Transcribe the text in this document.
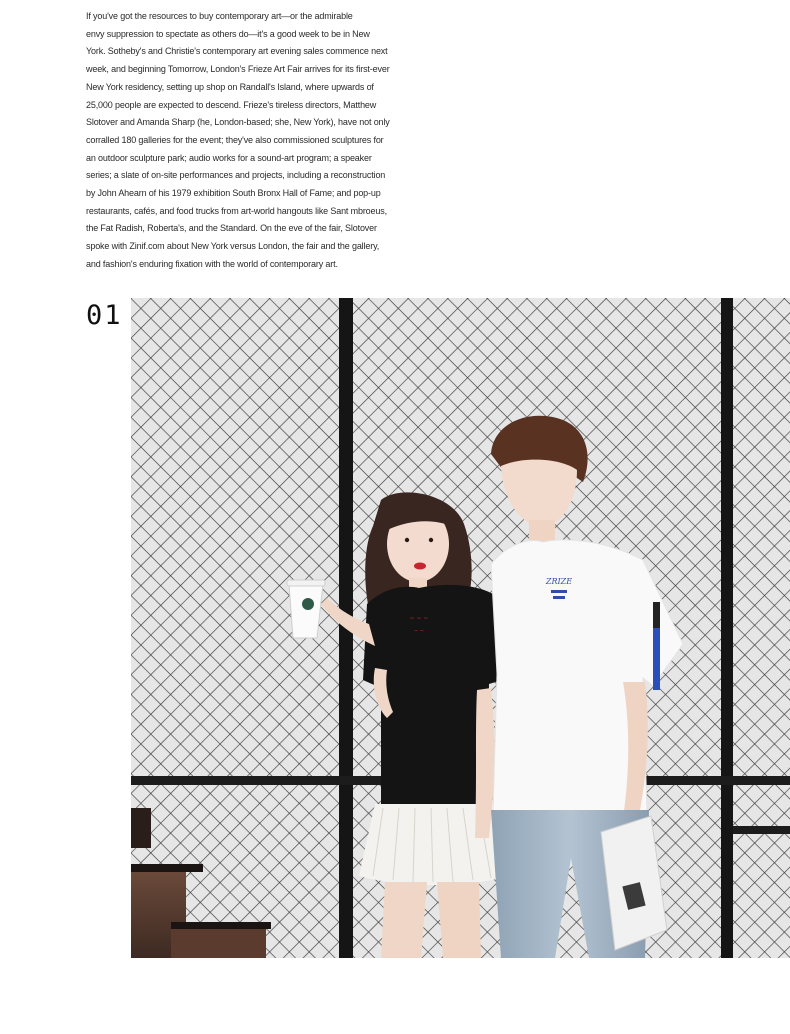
If you've got the resources to buy contemporary art—or the admirable
envy suppression to spectate as others do—it's a good week to be in New
York. Sotheby's and Christie's contemporary art evening sales commence next
week, and beginning Tomorrow, London's Frieze Art Fair arrives for its first-ever
New York residency, setting up shop on Randall's Island, where upwards of
25,000 people are expected to descend. Frieze's tireless directors, Matthew
Slotover and Amanda Sharp (he, London-based; she, New York), have not only
corralled 180 galleries for the event; they've also commissioned sculptures for
an outdoor sculpture park; audio works for a sound-art program; a speaker
series; a slate of on-site performances and projects, including a reconstruction
by John Ahearn of his 1979 exhibition South Bronx Hall of Fame; and pop-up
restaurants, cafés, and food trucks from art-world hangouts like Sant mbroeus,
the Fat Radish, Roberta's, and the Standard. On the eve of the fair, Slotover
spoke with Zinif.com about New York versus London, the fair and the gallery,
and fashion's enduring fixation with the world of contemporary art.
01
~ ~ ~
~ ~
ZRIZE
